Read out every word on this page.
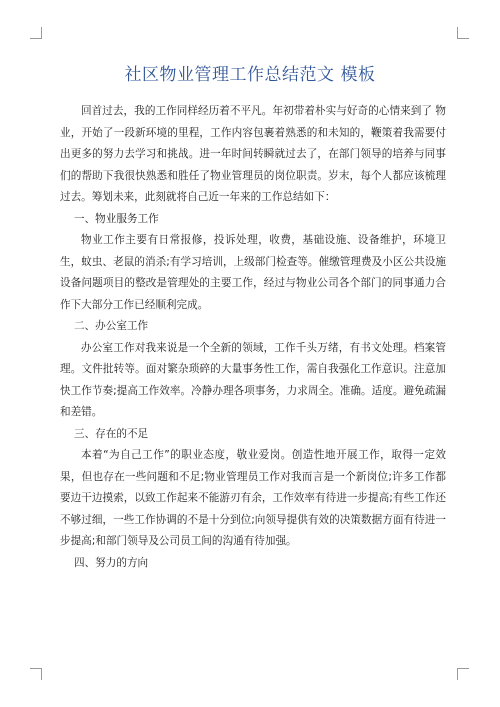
社区物业管理工作总结范文 模板

回首过去，我的工作同样经历着不平凡。年初带着朴实与好奇的心情来到了 物业，开始了一段新环境的里程，工作内容包裹着熟悉的和未知的，鞭策着我需要付出更多的努力去学习和挑战。进一年时间转瞬就过去了，在部门领导的培养与同事们的帮助下我很快熟悉和胜任了物业管理员的岗位职责。岁末，每个人都应该梳理过去。筹划未来，此刻就将自己近一年来的工作总结如下：

一、物业服务工作

物业工作主要有日常报修，投诉处理，收费，基础设施、设备维护，环境卫生，蚊虫、老鼠的消杀;有学习培训，上级部门检查等。催缴管理费及小区公共设施设备问题项目的整改是管理处的主要工作，经过与物业公司各个部门的同事通力合作下大部分工作已经顺利完成。

二、办公室工作

办公室工作对我来说是一个全新的领域，工作千头万绪，有书文处理。档案管理。文件批转等。面对繁杂琐碎的大量事务性工作，需自我强化工作意识。注意加快工作节奏;提高工作效率。冷静办理各项事务，力求周全。准确。适度。避免疏漏和差错。

三、存在的不足

本着“为自己工作”的职业态度，敬业爱岗。创造性地开展工作，取得一定效果，但也存在一些问题和不足;物业管理员工作对我而言是一个新岗位;许多工作都要边干边摸索，以致工作起来不能游刃有余，工作效率有待进一步提高;有些工作还不够过细，一些工作协调的不是十分到位;向领导提供有效的决策数据方面有待进一步提高;和部门领导及公司员工间的沟通有待加强。

四、努力的方向
